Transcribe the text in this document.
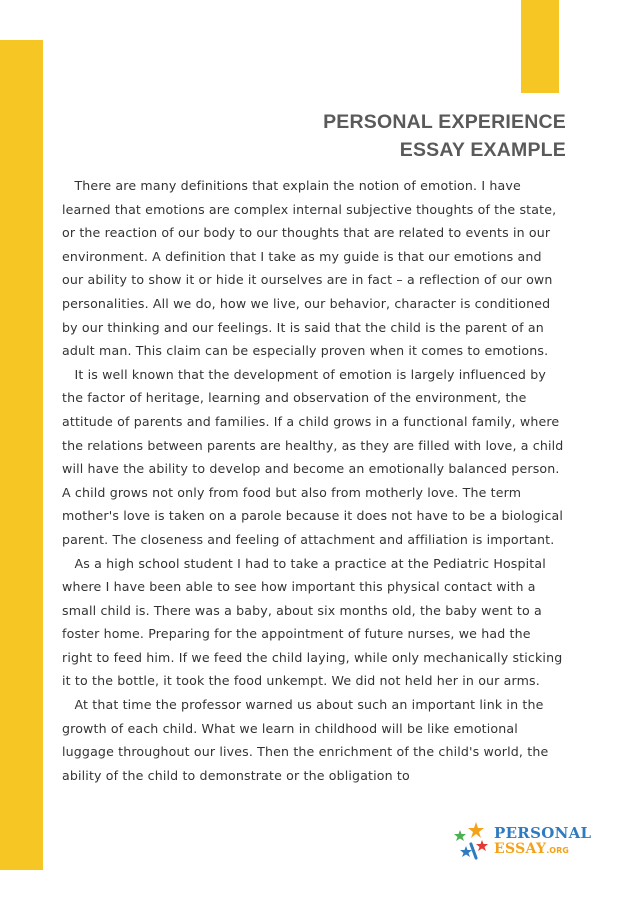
PERSONAL EXPERIENCE
ESSAY EXAMPLE
There are many definitions that explain the notion of emotion. I have
learned that emotions are complex internal subjective thoughts of the state,
or the reaction of our body to our thoughts that are related to events in our
environment. A definition that I take as my guide is that our emotions and
our ability to show it or hide it ourselves are in fact – a reflection of our own
personalities. All we do, how we live, our behavior, character is conditioned
by our thinking and our feelings. It is said that the child is the parent of an
adult man. This claim can be especially proven when it comes to emotions.
It is well known that the development of emotion is largely influenced by
the factor of heritage, learning and observation of the environment, the
attitude of parents and families. If a child grows in a functional family, where
the relations between parents are healthy, as they are filled with love, a child
will have the ability to develop and become an emotionally balanced person.
A child grows not only from food but also from motherly love. The term
mother's love is taken on a parole because it does not have to be a biological
parent. The closeness and feeling of attachment and affiliation is important.
As a high school student I had to take a practice at the Pediatric Hospital
where I have been able to see how important this physical contact with a
small child is. There was a baby, about six months old, the baby went to a
foster home. Preparing for the appointment of future nurses, we had the
right to feed him. If we feed the child laying, while only mechanically sticking
it to the bottle, it took the food unkempt. We did not held her in our arms.
At that time the professor warned us about such an important link in the
growth of each child. What we learn in childhood will be like emotional
luggage throughout our lives. Then the enrichment of the child's world, the
ability of the child to demonstrate or the obligation to
PERSONAL
ESSAY.ORG
